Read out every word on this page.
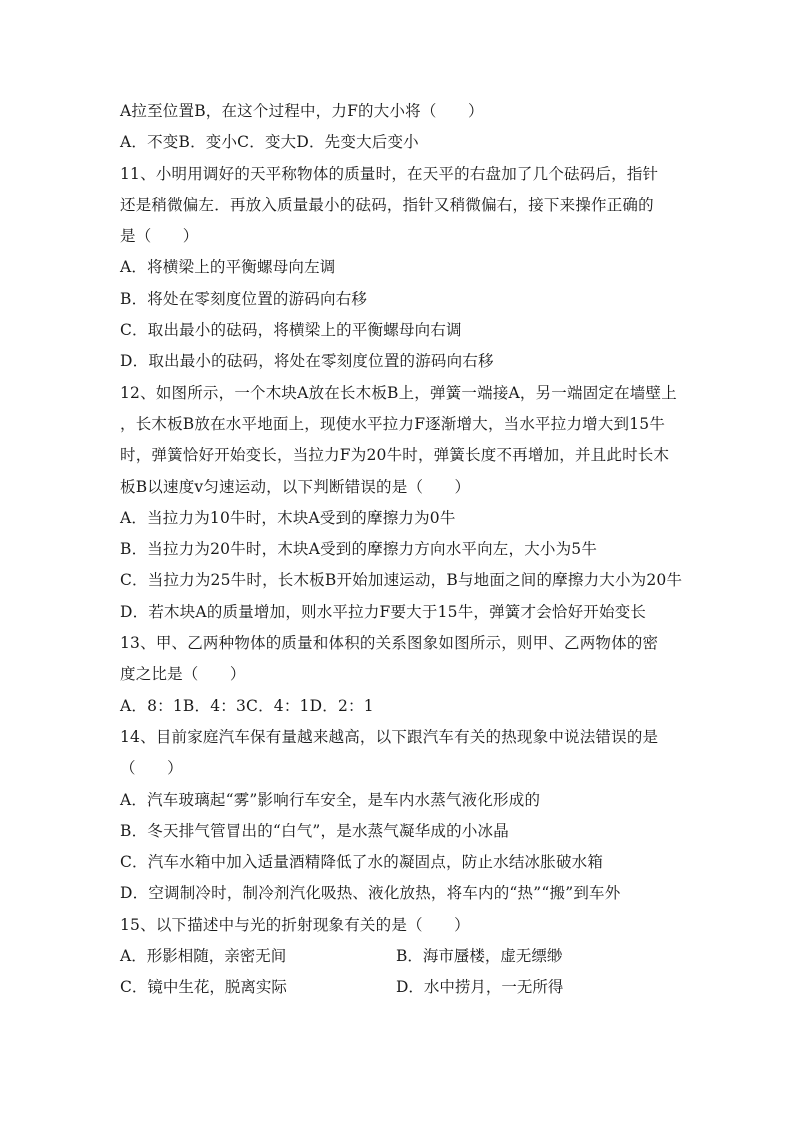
A拉至位置B，在这个过程中，力F的大小将（　　）
A．不变B．变小C．变大D．先变大后变小
11、小明用调好的天平称物体的质量时，在天平的右盘加了几个砝码后，指针
还是稍微偏左．再放入质量最小的砝码，指针又稍微偏右，接下来操作正确的
是（　　）
A．将横梁上的平衡螺母向左调
B．将处在零刻度位置的游码向右移
C．取出最小的砝码，将横梁上的平衡螺母向右调
D．取出最小的砝码，将处在零刻度位置的游码向右移
12、如图所示，一个木块A放在长木板B上，弹簧一端接A，另一端固定在墙壁上
，长木板B放在水平地面上，现使水平拉力F逐渐增大，当水平拉力增大到15牛
时，弹簧恰好开始变长，当拉力F为20牛时，弹簧长度不再增加，并且此时长木
板B以速度v匀速运动，以下判断错误的是（　　）
A．当拉力为10牛时，木块A受到的摩擦力为0牛
B．当拉力为20牛时，木块A受到的摩擦力方向水平向左，大小为5牛
C．当拉力为25牛时，长木板B开始加速运动，B与地面之间的摩擦力大小为20牛
D．若木块A的质量增加，则水平拉力F要大于15牛，弹簧才会恰好开始变长
13、甲、乙两种物体的质量和体积的关系图象如图所示，则甲、乙两物体的密
度之比是（　　）
A．8：1B．4：3C．4：1D．2：1
14、目前家庭汽车保有量越来越高，以下跟汽车有关的热现象中说法错误的是
（　　）
A．汽车玻璃起“雾”影响行车安全，是车内水蒸气液化形成的
B．冬天排气管冒出的“白气”，是水蒸气凝华成的小冰晶
C．汽车水箱中加入适量酒精降低了水的凝固点，防止水结冰胀破水箱
D．空调制冷时，制冷剂汽化吸热、液化放热，将车内的“热”“搬”到车外
15、以下描述中与光的折射现象有关的是（　　）
A．形影相随，亲密无间	B．海市蜃楼，虚无缥缈
C．镜中生花，脱离实际	D．水中捞月，一无所得
